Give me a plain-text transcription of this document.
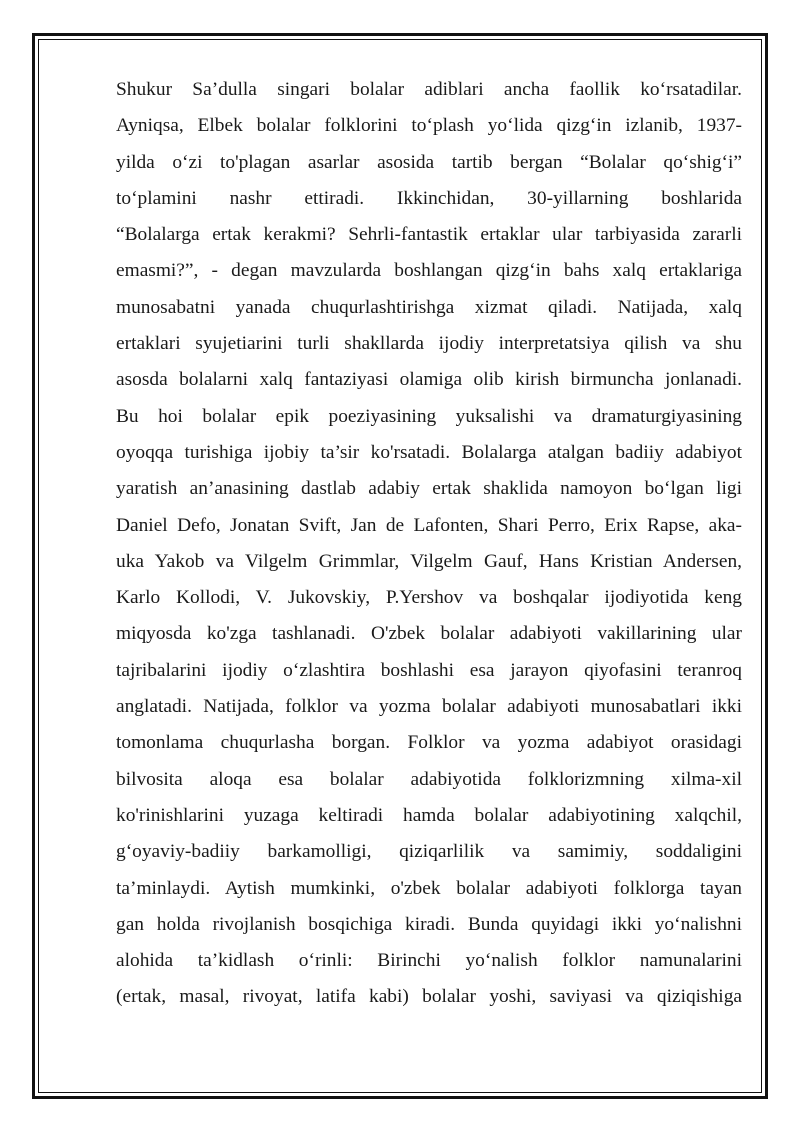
Shukur Sa’dulla singari bolalar adiblari ancha faollik ko‘rsatadilar.
Ayniqsa, Elbek bolalar folklorini to‘plash yo‘lida qizg‘in izlanib, 1937-
yilda o‘zi to'plagan asarlar asosida tartib bergan “Bolalar qo‘shig‘i”
to‘plamini nashr ettiradi. Ikkinchidan, 30-yillarning boshlarida
“Bolalarga ertak kerakmi? Sehrli-fantastik ertaklar ular tarbiyasida zararli
emasmi?”, - degan mavzularda boshlangan qizg‘in bahs xalq ertaklariga
munosabatni yanada chuqurlashtirishga xizmat qiladi. Natijada, xalq
ertaklari syujetiarini turli shakllarda ijodiy interpretatsiya qilish va shu
asosda bolalarni xalq fantaziyasi olamiga olib kirish birmuncha jonlanadi.
Bu hoi bolalar epik poeziyasining yuksalishi va dramaturgiyasining
oyoqqa turishiga ijobiy ta’sir ko'rsatadi. Bolalarga atalgan badiiy adabiyot
yaratish an’anasining dastlab adabiy ertak shaklida namoyon bo‘lgan ligi
Daniel Defo, Jonatan Svift, Jan de Lafonten, Shari Perro, Erix Rapse, aka-
uka Yakob va Vilgelm Grimmlar, Vilgelm Gauf, Hans Kristian Andersen,
Karlo Kollodi, V. Jukovskiy, P.Yershov va boshqalar ijodiyotida keng
miqyosda ko'zga tashlanadi. O'zbek bolalar adabiyoti vakillarining ular
tajribalarini ijodiy o‘zlashtira boshlashi esa jarayon qiyofasini teranroq
anglatadi. Natijada, folklor va yozma bolalar adabiyoti munosabatlari ikki
tomonlama chuqurlasha borgan. Folklor va yozma adabiyot orasidagi
bilvosita aloqa esa bolalar adabiyotida folklorizmning xilma-xil
ko'rinishlarini yuzaga keltiradi hamda bolalar adabiyotining xalqchil,
g‘oyaviy-badiiy barkamolligi, qiziqarlilik va samimiy, soddaligini
ta’minlaydi. Aytish mumkinki, o'zbek bolalar adabiyoti folklorga tayan
gan holda rivojlanish bosqichiga kiradi. Bunda quyidagi ikki yo‘nalishni
alohida ta’kidlash o‘rinli: Birinchi yo‘nalish folklor namunalarini
(ertak, masal, rivoyat, latifa kabi) bolalar yoshi, saviyasi va qiziqishiga
